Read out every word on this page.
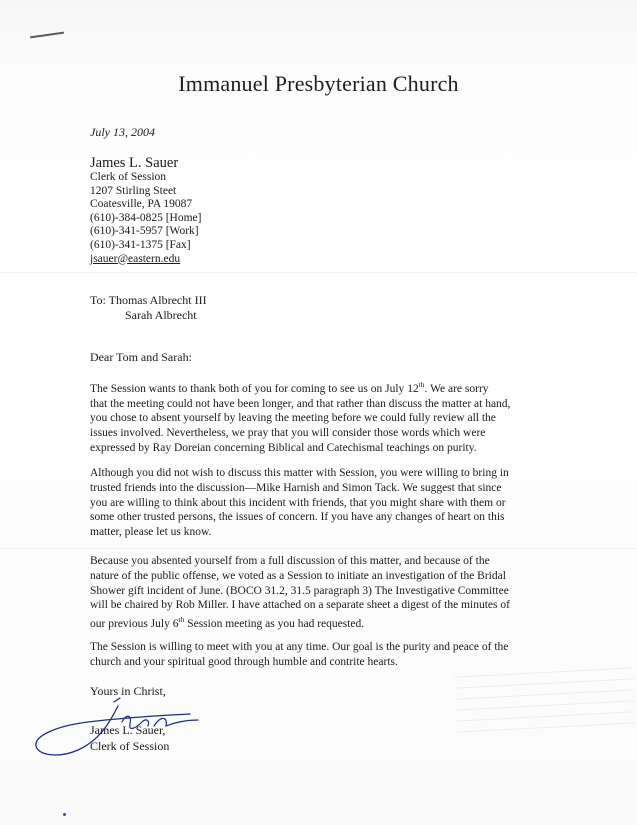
Immanuel Presbyterian Church
July 13, 2004
James L. Sauer
Clerk of Session
1207 Stirling Steet
Coatesville, PA 19087
(610)-384-0825 [Home]
(610)-341-5957 [Work]
(610)-341-1375 [Fax]
jsauer@eastern.edu
To: Thomas Albrecht III
Sarah Albrecht
Dear Tom and Sarah:
The Session wants to thank both of you for coming to see us on July 12th. We are sorry
that the meeting could not have been longer, and that rather than discuss the matter at hand,
you chose to absent yourself by leaving the meeting before we could fully review all the
issues involved. Nevertheless, we pray that you will consider those words which were
expressed by Ray Doreian concerning Biblical and Catechismal teachings on purity.
Although you did not wish to discuss this matter with Session, you were willing to bring in
trusted friends into the discussion—Mike Harnish and Simon Tack. We suggest that since
you are willing to think about this incident with friends, that you might share with them or
some other trusted persons, the issues of concern. If you have any changes of heart on this
matter, please let us know.
Because you absented yourself from a full discussion of this matter, and because of the
nature of the public offense, we voted as a Session to initiate an investigation of the Bridal
Shower gift incident of June. (BOCO 31.2, 31.5 paragraph 3) The Investigative Committee
will be chaired by Rob Miller. I have attached on a separate sheet a digest of the minutes of
our previous July 6th Session meeting as you had requested.
The Session is willing to meet with you at any time. Our goal is the purity and peace of the
church and your spiritual good through humble and contrite hearts.
Yours in Christ,
James L. Sauer,
Clerk of Session
